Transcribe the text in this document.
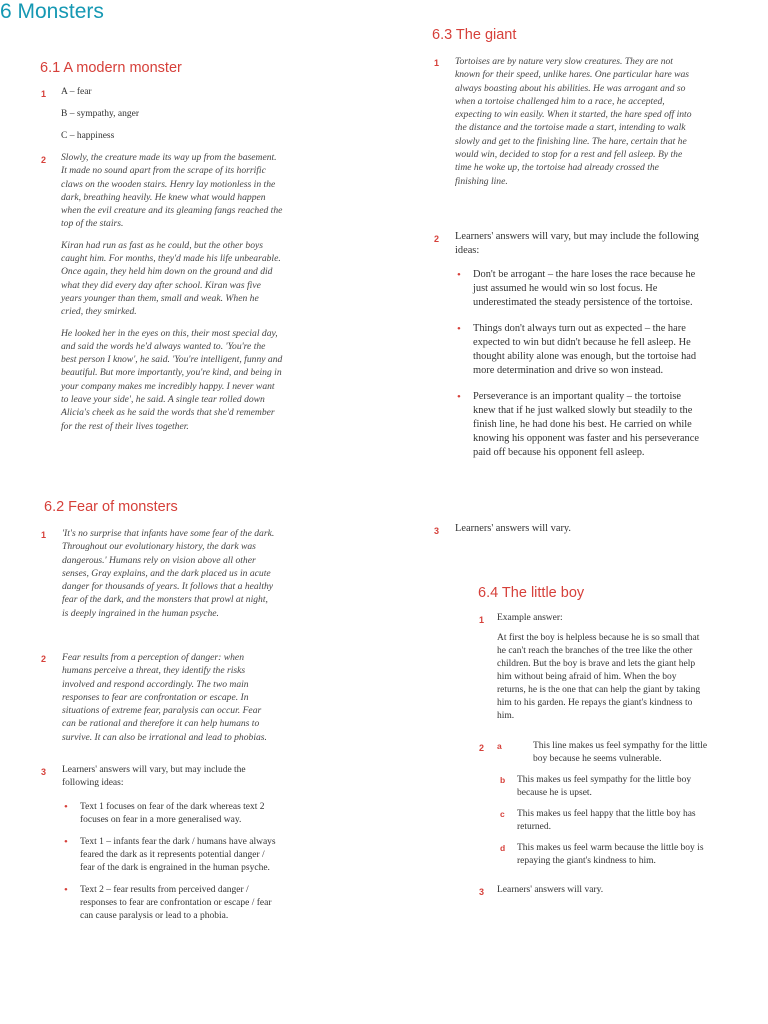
6 Monsters
6.1 A modern monster
1 A – fear
B – sympathy, anger
C – happiness
2 Slowly, the creature made its way up from the basement. It made no sound apart from the scrape of its horrific claws on the wooden stairs. Henry lay motionless in the dark, breathing heavily. He knew what would happen when the evil creature and its gleaming fangs reached the top of the stairs.

Kiran had run as fast as he could, but the other boys caught him. For months, they'd made his life unbearable. Once again, they held him down on the ground and did what they did every day after school. Kiran was five years younger than them, small and weak. When he cried, they smirked.

He looked her in the eyes on this, their most special day, and said the words he'd always wanted to. 'You're the best person I know', he said. 'You're intelligent, funny and beautiful. But more importantly, you're kind, and being in your company makes me incredibly happy. I never want to leave your side', he said. A single tear rolled down Alicia's cheek as he said the words that she'd remember for the rest of their lives together.

6.2 Fear of monsters
1 'It's no surprise that infants have some fear of the dark. Throughout our evolutionary history, the dark was dangerous.' Humans rely on vision above all other senses, Gray explains, and the dark placed us in acute danger for thousands of years. It follows that a healthy fear of the dark, and the monsters that prowl at night, is deeply ingrained in the human psyche.
2 Fear results from a perception of danger: when humans perceive a threat, they identify the risks involved and respond accordingly. The two main responses to fear are confrontation or escape. In situations of extreme fear, paralysis can occur. Fear can be rational and therefore it can help humans to survive. It can also be irrational and lead to phobias.
3 Learners' answers will vary, but may include the following ideas:
• Text 1 focuses on fear of the dark whereas text 2 focuses on fear in a more generalised way.
• Text 1 – infants fear the dark / humans have always feared the dark as it represents potential danger / fear of the dark is engrained in the human psyche.
• Text 2 – fear results from perceived danger / responses to fear are confrontation or escape / fear can cause paralysis or lead to a phobia.
6.3 The giant
1 Tortoises are by nature very slow creatures. They are not known for their speed, unlike hares. One particular hare was always boasting about his abilities. He was arrogant and so when a tortoise challenged him to a race, he accepted, expecting to win easily. When it started, the hare sped off into the distance and the tortoise made a start, intending to walk slowly and get to the finishing line. The hare, certain that he would win, decided to stop for a rest and fell asleep. By the time he woke up, the tortoise had already crossed the finishing line.
2 Learners' answers will vary, but may include the following ideas:
• Don't be arrogant – the hare loses the race because he just assumed he would win so lost focus. He underestimated the steady persistence of the tortoise.
• Things don't always turn out as expected – the hare expected to win but didn't because he fell asleep. He thought ability alone was enough, but the tortoise had more determination and drive so won instead.
• Perseverance is an important quality – the tortoise knew that if he just walked slowly but steadily to the finish line, he had done his best. He carried on while knowing his opponent was faster and his perseverance paid off because his opponent fell asleep.
3 Learners' answers will vary.
6.4 The little boy
1 Example answer:
At first the boy is helpless because he is so small that he can't reach the branches of the tree like the other children. But the boy is brave and lets the giant help him without being afraid of him. When the boy returns, he is the one that can help the giant by taking him to his garden. He repays the giant's kindness to him.
2 a	This line makes us feel sympathy for the little boy because he seems vulnerable.
b This makes us feel sympathy for the little boy because he is upset.
c This makes us feel happy that the little boy has returned.
d This makes us feel warm because the little boy is repaying the giant's kindness to him.
3 Learners' answers will vary.
